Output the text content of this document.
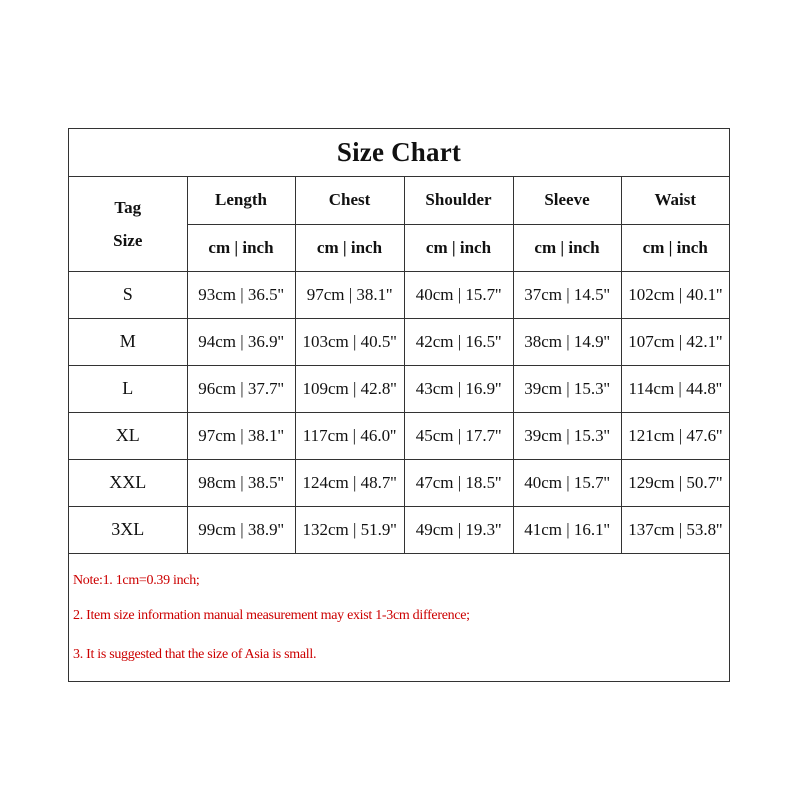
Size Chart
Tag
Size	Length	Chest	Shoulder	Sleeve	Waist
	cm | inch	cm | inch	cm | inch	cm | inch	cm | inch
S	93cm | 36.5''	97cm | 38.1''	40cm | 15.7''	37cm | 14.5''	102cm | 40.1''
M	94cm | 36.9''	103cm | 40.5''	42cm | 16.5''	38cm | 14.9''	107cm | 42.1''
L	96cm | 37.7''	109cm | 42.8''	43cm | 16.9''	39cm | 15.3''	114cm | 44.8''
XL	97cm | 38.1''	117cm | 46.0''	45cm | 17.7''	39cm | 15.3''	121cm | 47.6''
XXL	98cm | 38.5''	124cm | 48.7''	47cm | 18.5''	40cm | 15.7''	129cm | 50.7''
3XL	99cm | 38.9''	132cm | 51.9''	49cm | 19.3''	41cm | 16.1''	137cm | 53.8''
Note:1. 1cm=0.39 inch;
2. Item size information manual measurement may exist 1-3cm difference;
3. It is suggested that the size of Asia is small.
